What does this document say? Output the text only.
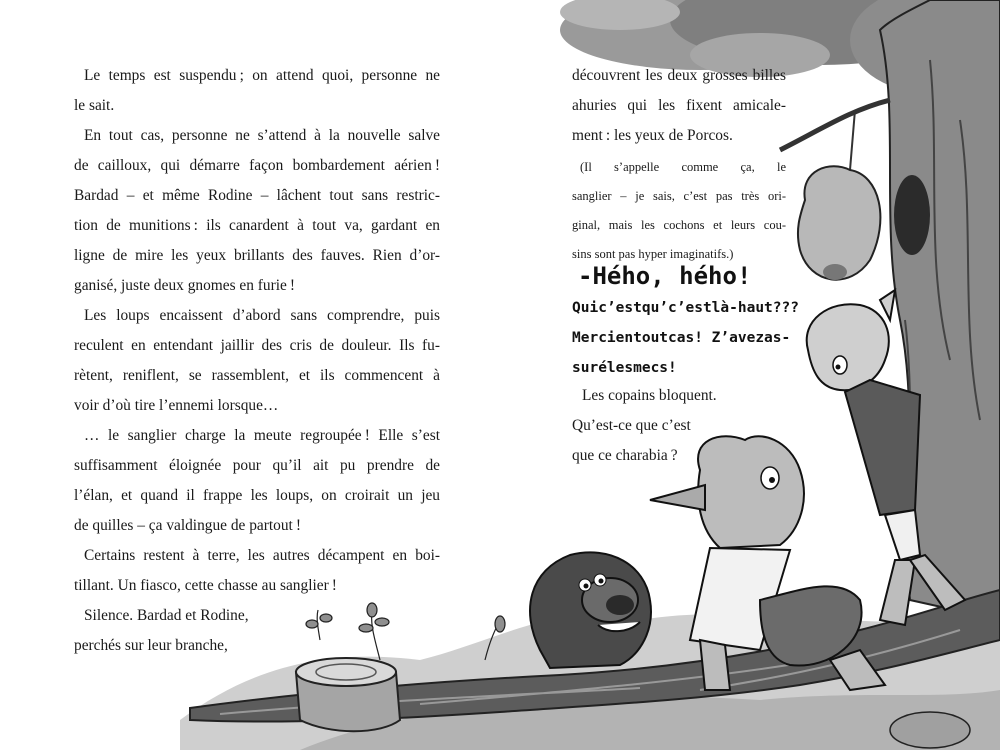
Le temps est suspendu ; on attend quoi, personne ne
le sait.
En tout cas, personne ne s’attend à la nouvelle salve
de cailloux, qui démarre façon bombardement aérien !
Bardad – et même Rodine – lâchent tout sans restric-
tion de munitions : ils canardent à tout va, gardant en
ligne de mire les yeux brillants des fauves. Rien d’or-
ganisé, juste deux gnomes en furie !
Les loups encaissent d’abord sans comprendre, puis
reculent en entendant jaillir des cris de douleur. Ils fu-
rètent, reniflent, se rassemblent, et ils commencent à
voir d’où tire l’ennemi lorsque…
… le sanglier charge la meute regroupée ! Elle s’est
suffisamment éloignée pour qu’il ait pu prendre de
l’élan, et quand il frappe les loups, on croirait un jeu
de quilles – ça valdingue de partout !
Certains restent à terre, les autres décampent en boi-
tillant. Un fiasco, cette chasse au sanglier !
Silence. Bardad et Rodine,
perchés sur leur branche,
découvrent les deux grosses billes
ahuries qui les fixent amicale-
ment : les yeux de Porcos.
(Il s’appelle comme ça, le
sanglier – je sais, c’est pas très ori-
ginal, mais les cochons et leurs cou-
sins sont pas hyper imaginatifs.)
-Hého, hého!
Quic’estqu’c’estlà-haut???
Mercientoutcas! Z’avezas-
surélesmecs!
Les copains bloquent.
Qu’est-ce que c’est
que ce charabia ?
